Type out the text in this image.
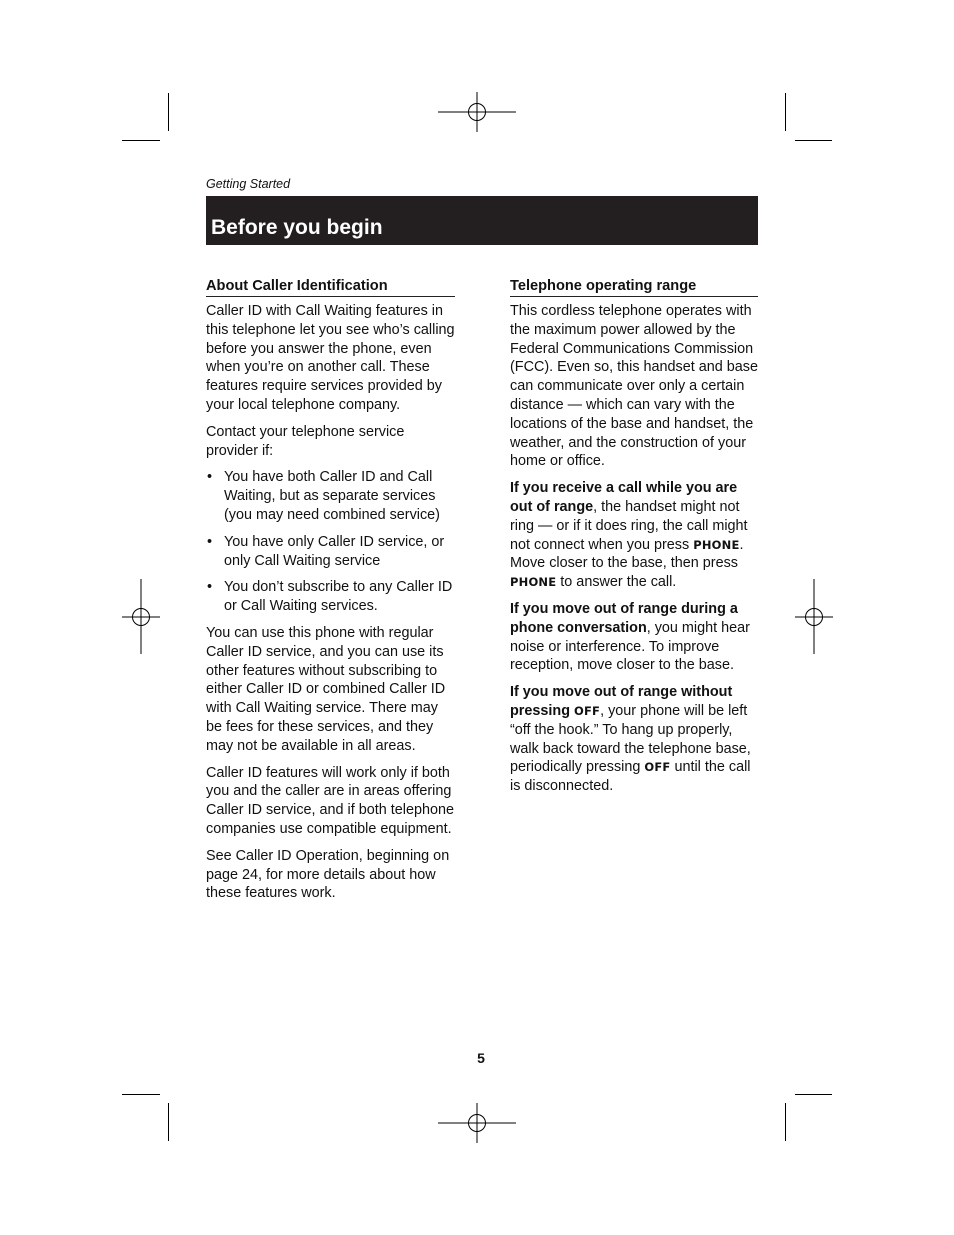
Getting Started
Before you begin
About Caller Identification

Caller ID with Call Waiting features in this telephone let you see who’s calling before you answer the phone, even when you’re on another call. These features require services provided by your local telephone company.

Contact your telephone service provider if:

• You have both Caller ID and Call Waiting, but as separate services (you may need combined service)
• You have only Caller ID service, or only Call Waiting service
• You don’t subscribe to any Caller ID or Call Waiting services.

You can use this phone with regular Caller ID service, and you can use its other features without subscribing to either Caller ID or combined Caller ID with Call Waiting service. There may be fees for these services, and they may not be available in all areas.

Caller ID features will work only if both you and the caller are in areas offering Caller ID service, and if both telephone companies use compatible equipment.

See Caller ID Operation, beginning on page 24, for more details about how these features work.

Telephone operating range

This cordless telephone operates with the maximum power allowed by the Federal Communications Commission (FCC). Even so, this handset and base can communicate over only a certain distance — which can vary with the locations of the base and handset, the weather, and the construction of your home or office.

If you receive a call while you are out of range, the handset might not ring — or if it does ring, the call might not connect when you press PHONE. Move closer to the base, then press PHONE to answer the call.

If you move out of range during a phone conversation, you might hear noise or interference. To improve reception, move closer to the base.

If you move out of range without pressing OFF, your phone will be left “off the hook.” To hang up properly, walk back toward the telephone base, periodically pressing OFF until the call is disconnected.

5
